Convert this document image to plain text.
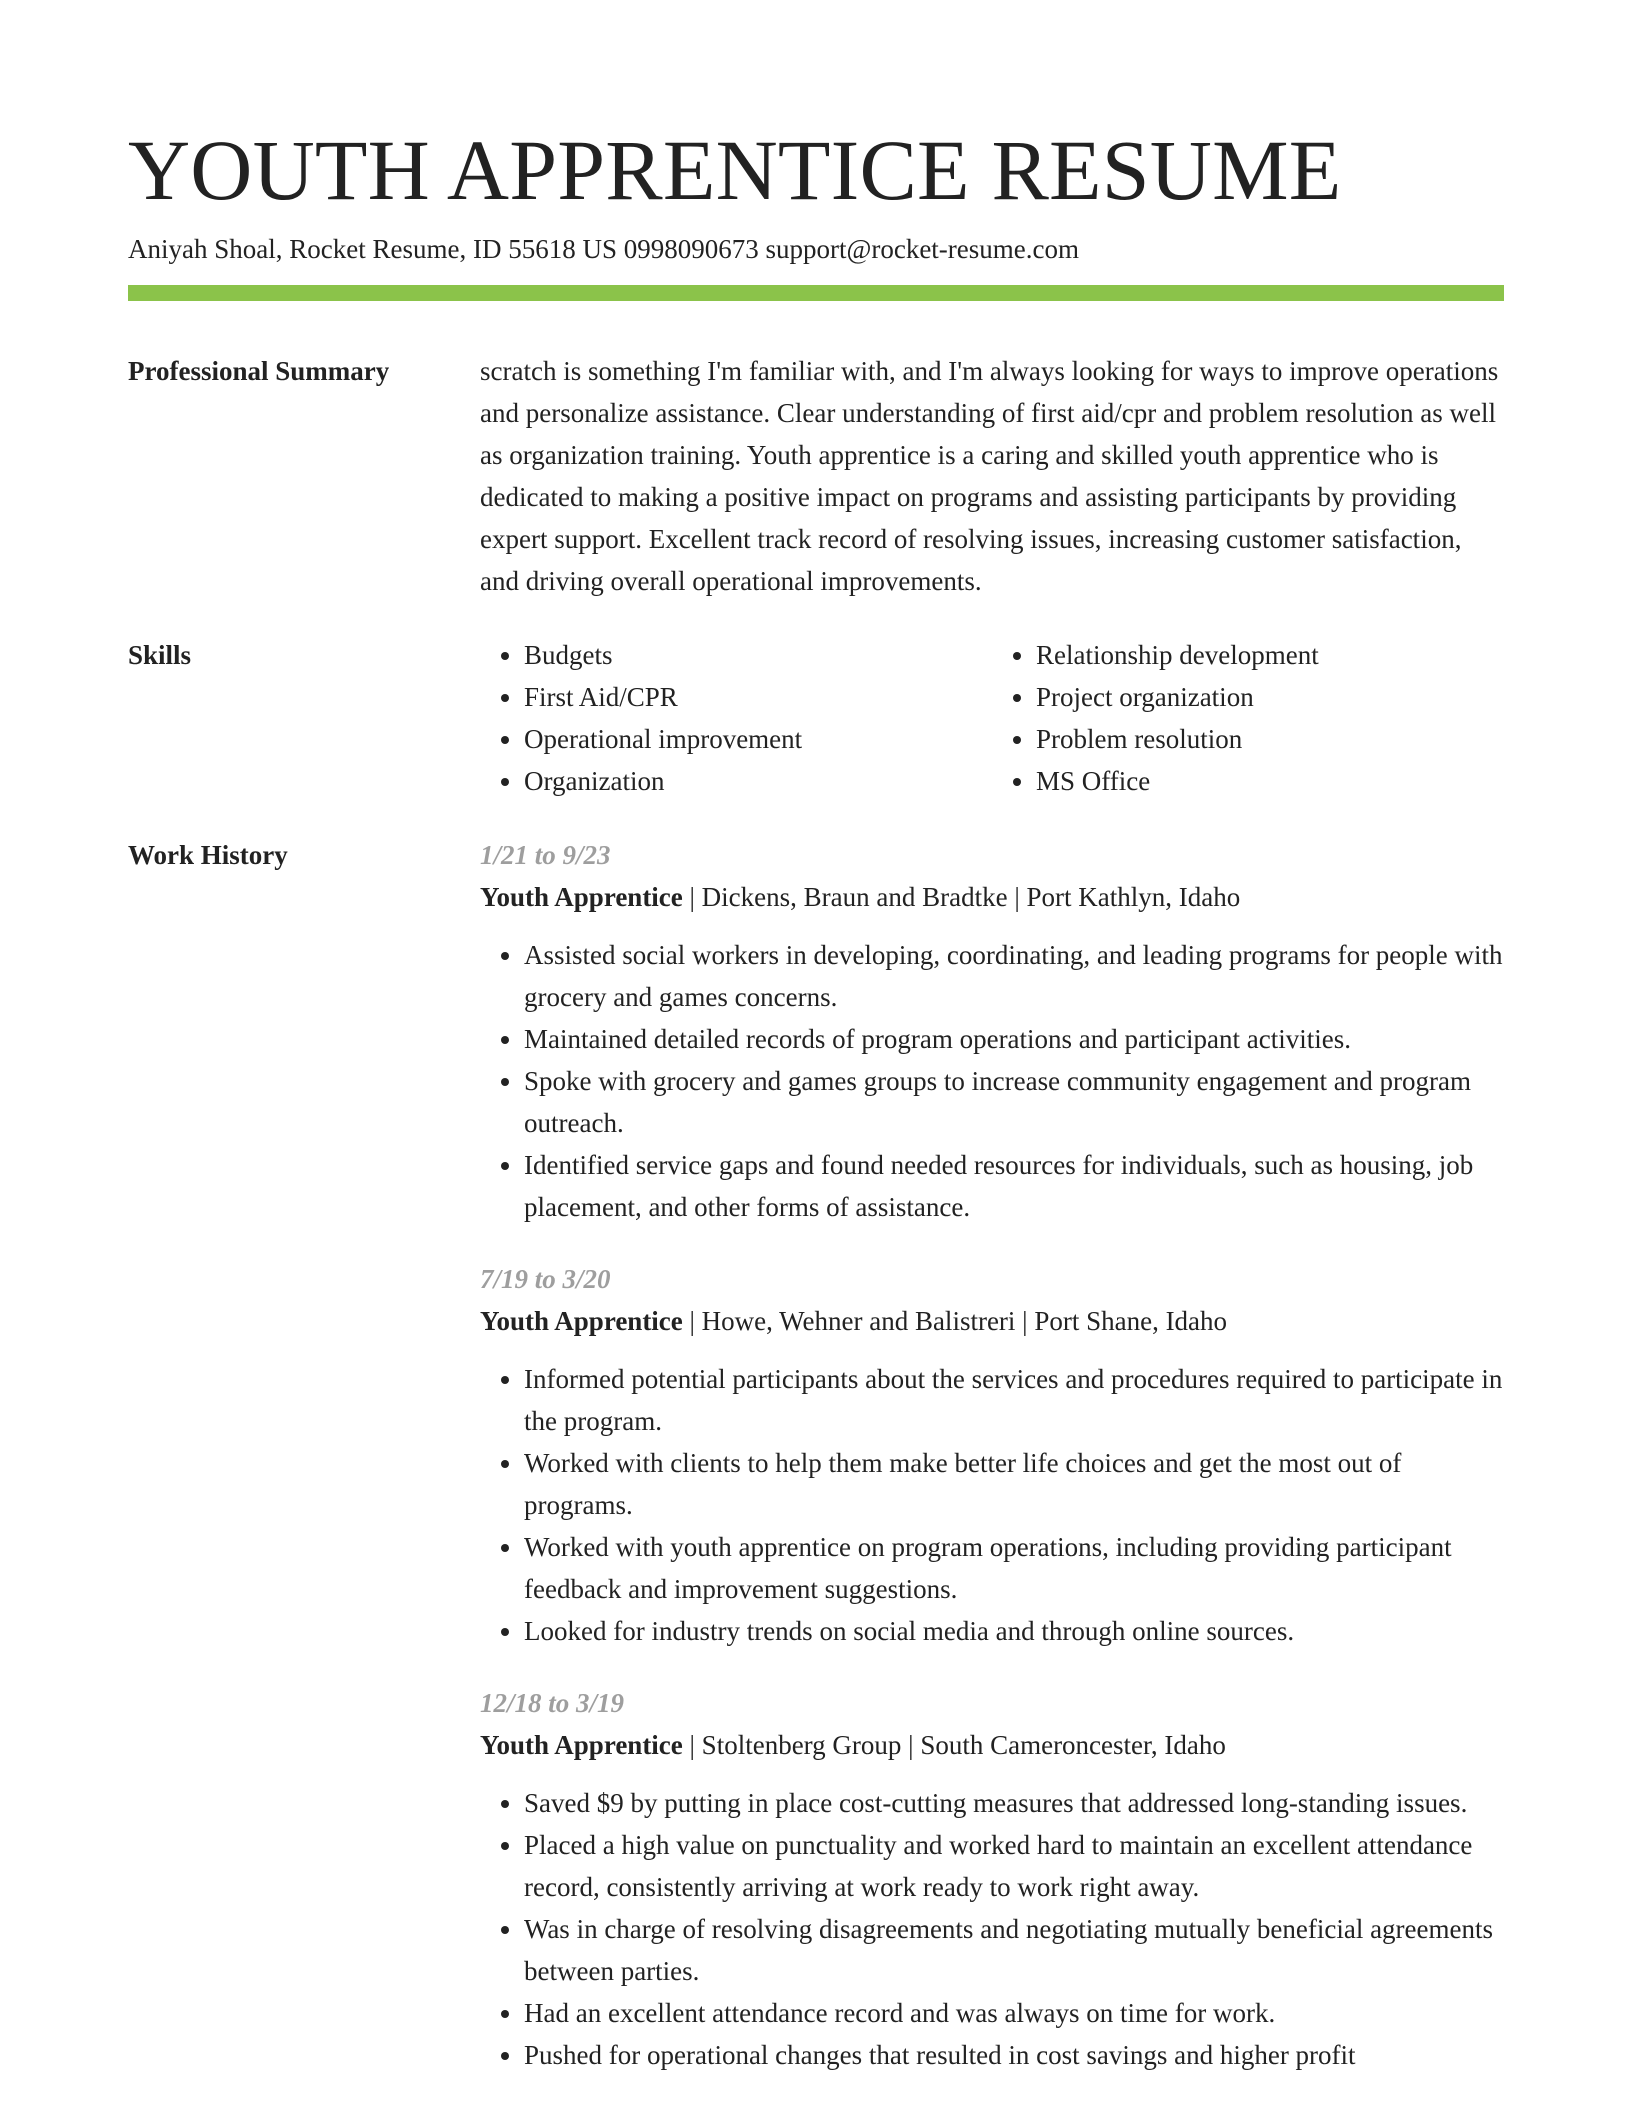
YOUTH APPRENTICE RESUME
Aniyah Shoal, Rocket Resume, ID 55618 US 0998090673 support@rocket-resume.com
Professional Summary	scratch is something I'm familiar with, and I'm always looking for ways to improve operations and personalize assistance. Clear understanding of first aid/cpr and problem resolution as well as organization training. Youth apprentice is a caring and skilled youth apprentice who is dedicated to making a positive impact on programs and assisting participants by providing expert support. Excellent track record of resolving issues, increasing customer satisfaction, and driving overall operational improvements.

Skills
•	Budgets
• First Aid/CPR
• Operational improvement
• Organization
• Relationship development
• Project organization
• Problem resolution
• MS Office
Work History	1/21 to 9/23
Youth Apprentice | Dickens, Braun and Bradtke | Port Kathlyn, Idaho
• Assisted social workers in developing, coordinating, and leading programs for people with grocery and games concerns.
• Maintained detailed records of program operations and participant activities.
• Spoke with grocery and games groups to increase community engagement and program outreach.
• Identified service gaps and found needed resources for individuals, such as housing, job placement, and other forms of assistance.
7/19 to 3/20
Youth Apprentice | Howe, Wehner and Balistreri | Port Shane, Idaho
• Informed potential participants about the services and procedures required to participate in the program.
• Worked with clients to help them make better life choices and get the most out of programs.
• Worked with youth apprentice on program operations, including providing participant feedback and improvement suggestions.
• Looked for industry trends on social media and through online sources.
12/18 to 3/19
Youth Apprentice | Stoltenberg Group | South Cameroncester, Idaho
• Saved $9 by putting in place cost-cutting measures that addressed long-standing issues.
• Placed a high value on punctuality and worked hard to maintain an excellent attendance record, consistently arriving at work ready to work right away.
• Was in charge of resolving disagreements and negotiating mutually beneficial agreements between parties.
• Had an excellent attendance record and was always on time for work.
• Pushed for operational changes that resulted in cost savings and higher profit
